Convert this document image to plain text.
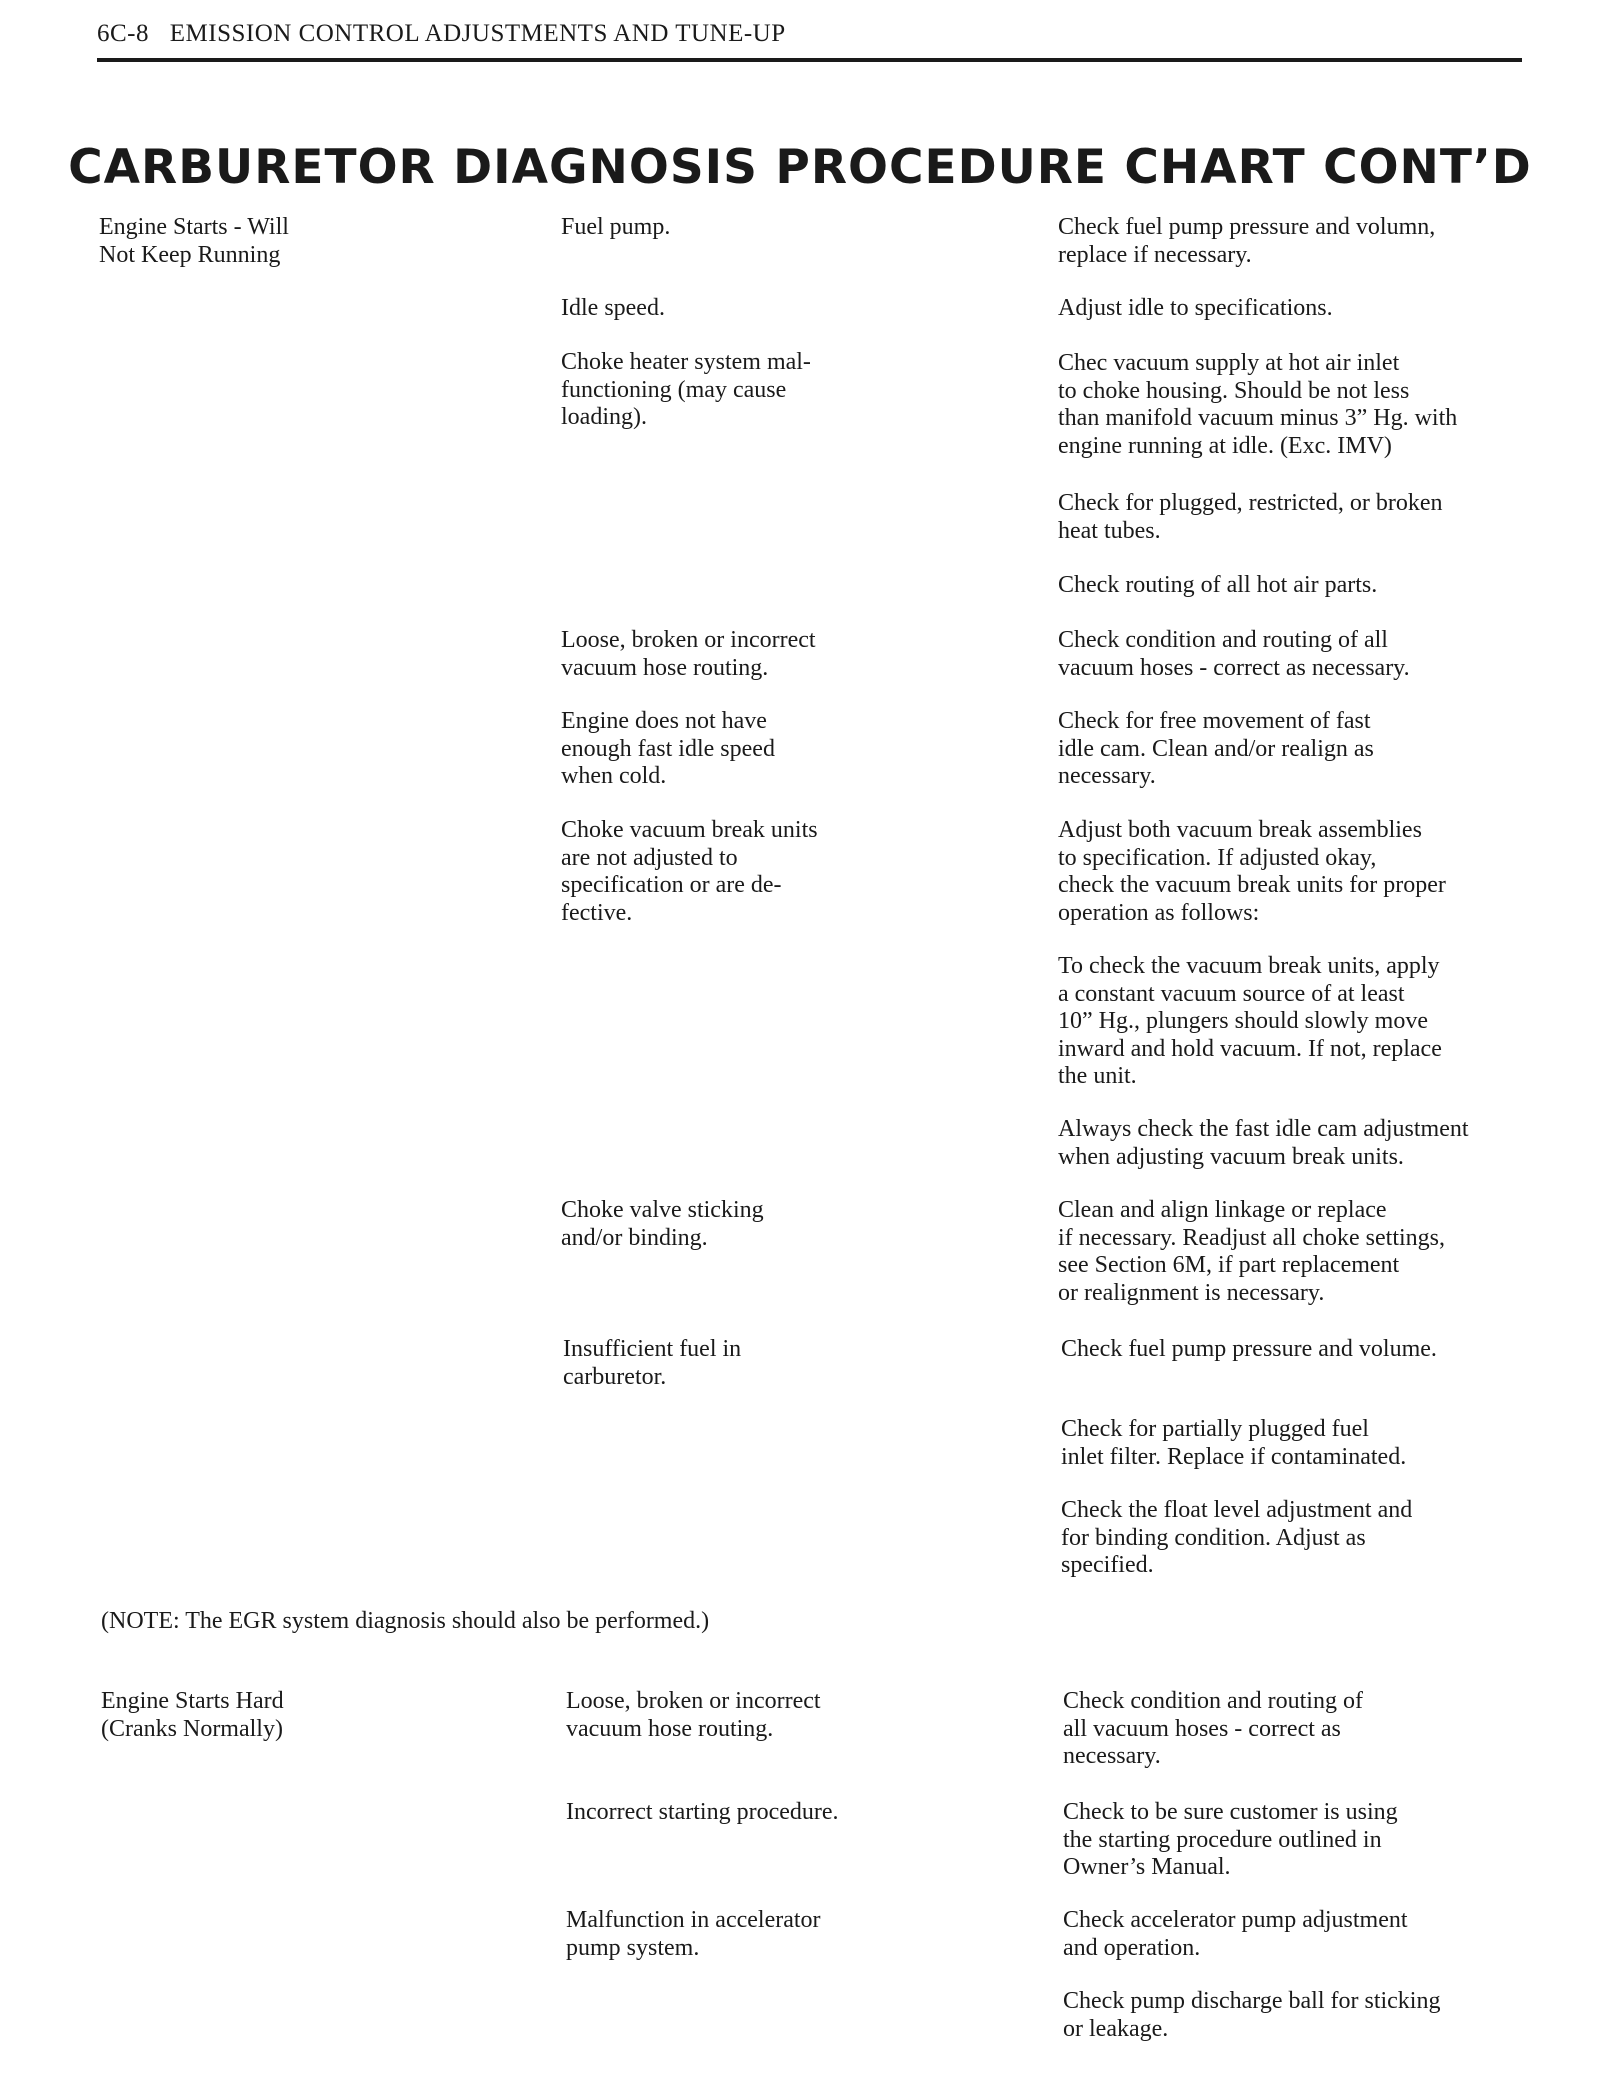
6C-8 EMISSION CONTROL ADJUSTMENTS AND TUNE-UP
CARBURETOR DIAGNOSIS PROCEDURE CHART CONT’D
Engine Starts - Will
Not Keep Running
Fuel pump.
Idle speed.
Choke heater system mal-
functioning (may cause
loading).
Loose, broken or incorrect
vacuum hose routing.
Engine does not have
enough fast idle speed
when cold.
Choke vacuum break units
are not adjusted to
specification or are de-
fective.
Choke valve sticking
and/or binding.
Insufficient fuel in
carburetor.
Check fuel pump pressure and volumn,
replace if necessary.
Adjust idle to specifications.
Chec vacuum supply at hot air inlet
to choke housing. Should be not less
than manifold vacuum minus 3” Hg. with
engine running at idle. (Exc. IMV)
Check for plugged, restricted, or broken
heat tubes.
Check routing of all hot air parts.
Check condition and routing of all
vacuum hoses - correct as necessary.
Check for free movement of fast
idle cam. Clean and/or realign as
necessary.
Adjust both vacuum break assemblies
to specification. If adjusted okay,
check the vacuum break units for proper
operation as follows:
To check the vacuum break units, apply
a constant vacuum source of at least
10” Hg., plungers should slowly move
inward and hold vacuum. If not, replace
the unit.
Always check the fast idle cam adjustment
when adjusting vacuum break units.
Clean and align linkage or replace
if necessary. Readjust all choke settings,
see Section 6M, if part replacement
or realignment is necessary.
Check fuel pump pressure and volume.
Check for partially plugged fuel
inlet filter. Replace if contaminated.
Check the float level adjustment and
for binding condition. Adjust as
specified.
(NOTE: The EGR system diagnosis should also be performed.)
Engine Starts Hard
(Cranks Normally)
Loose, broken or incorrect
vacuum hose routing.
Incorrect starting procedure.
Malfunction in accelerator
pump system.
Check condition and routing of
all vacuum hoses - correct as
necessary.
Check to be sure customer is using
the starting procedure outlined in
Owner’s Manual.
Check accelerator pump adjustment
and operation.
Check pump discharge ball for sticking
or leakage.
